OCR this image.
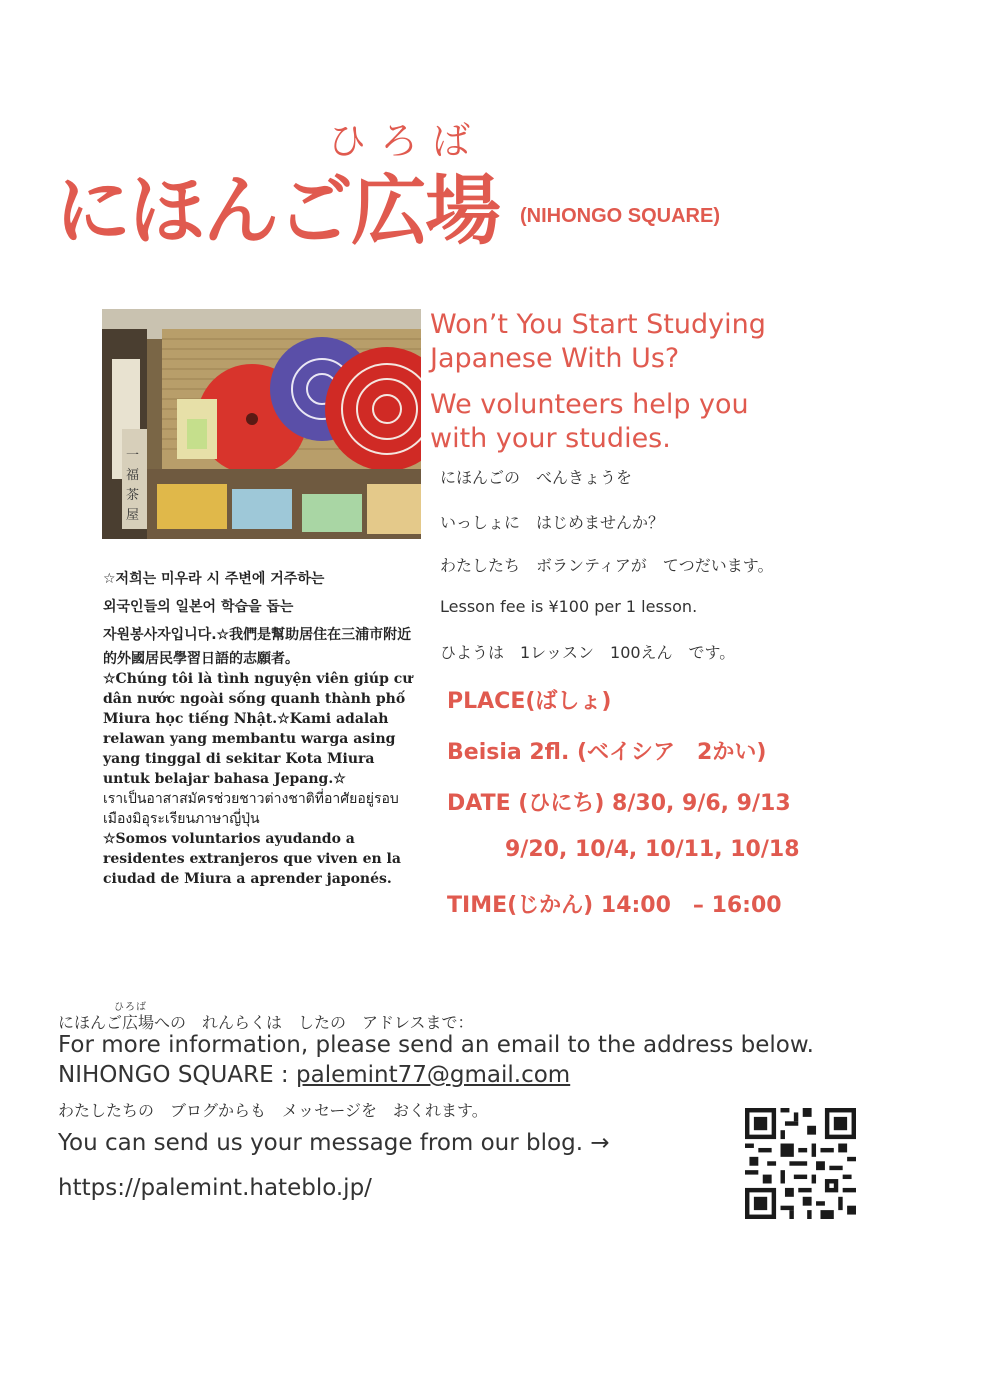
ひろば
にほんご広場 (NIHONGO SQUARE)
一
福
茶
屋

☆저희는 미우라 시 주변에 거주하는

외국인들의 일본어 학습을 돕는

자원봉사자입니다.

☆我們是幫助居住在三浦市附近的外國居民學習日語的志願者。

☆Chúng tôi là tình nguyện viên giúp cư dân nước ngoài sống quanh thành phố Miura học tiếng Nhật.☆Kami adalah relawan yang membantu warga asing yang tinggal di sekitar Kota Miura untuk belajar bahasa Jepang.☆

เราเป็นอาสาสมัครช่วยชาวต่างชาติที่อาศัยอยู่รอบเมืองมิอุระเรียนภาษาญี่ปุ่น

☆Somos voluntarios ayudando a residentes extranjeros que viven en la ciudad de Miura a aprender japonés.

Won’t You Start Studying

Japanese With Us?

We volunteers help you

with your studies.

にほんごの　べんきょうを
いっしょに　はじめませんか？
わたしたち　ボランティアが　てつだいます。
Lesson fee is ¥100 per 1 lesson.
ひようは　1レッスン　100えん　です。
PLACE(ばしょ)
Beisia 2fl. (ベイシア　2かい)
DATE (ひにち) 8/30, 9/6, 9/13
9/20, 10/4, 10/11, 10/18
TIME(じかん) 14:00　– 16:00
ひろば
にほんご広場への　れんらくは　したの　アドレスまで：
For more information, please send an email to the address below.
NIHONGO SQUARE : palemint77@gmail.com
わたしたちの　ブログからも　メッセージを　おくれます。
You can send us your message from our blog. →
https://palemint.hateblo.jp/
